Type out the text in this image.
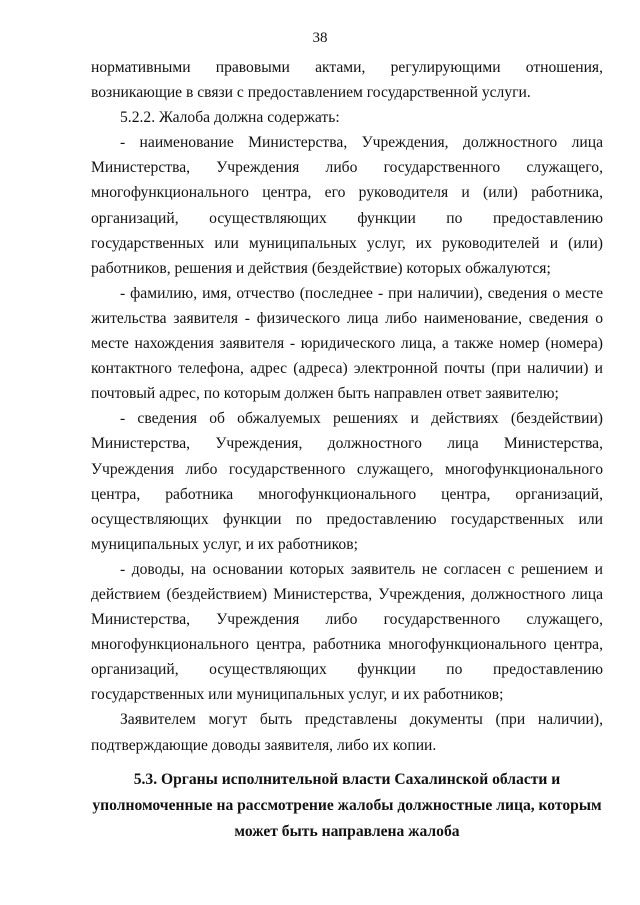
38

нормативными правовыми актами, регулирующими отношения, возникающие в связи с предоставлением государственной услуги.

5.2.2. Жалоба должна содержать:

- наименование Министерства, Учреждения, должностного лица Министерства, Учреждения либо государственного служащего, многофункционального центра, его руководителя и (или) работника, организаций, осуществляющих функции по предоставлению государственных или муниципальных услуг, их руководителей и (или) работников, решения и действия (бездействие) которых обжалуются;

- фамилию, имя, отчество (последнее - при наличии), сведения о месте жительства заявителя - физического лица либо наименование, сведения о месте нахождения заявителя - юридического лица, а также номер (номера) контактного телефона, адрес (адреса) электронной почты (при наличии) и почтовый адрес, по которым должен быть направлен ответ заявителю;

- сведения об обжалуемых решениях и действиях (бездействии) Министерства, Учреждения, должностного лица Министерства, Учреждения либо государственного служащего, многофункционального центра, работника многофункционального центра, организаций, осуществляющих функции по предоставлению государственных или муниципальных услуг, и их работников;

- доводы, на основании которых заявитель не согласен с решением и действием (бездействием) Министерства, Учреждения, должностного лица Министерства, Учреждения либо государственного служащего, многофункционального центра, работника многофункционального центра, организаций, осуществляющих функции по предоставлению государственных или муниципальных услуг, и их работников;

Заявителем могут быть представлены документы (при наличии), подтверждающие доводы заявителя, либо их копии.

5.3. Органы исполнительной власти Сахалинской области и
уполномоченные на рассмотрение жалобы должностные лица, которым
может быть направлена жалоба
